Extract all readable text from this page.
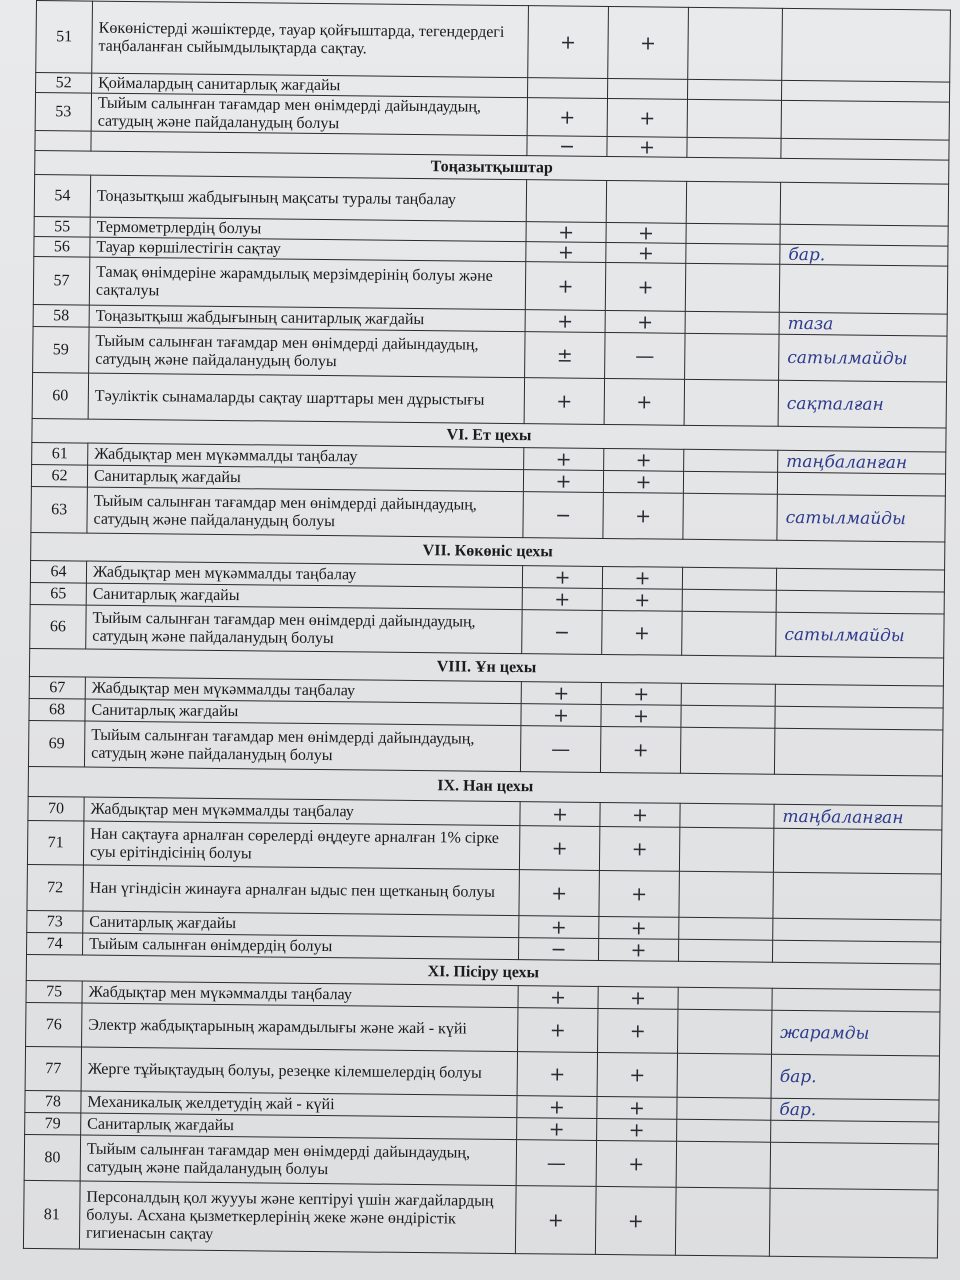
51	Көкөністерді жәшіктерде, тауар қойғыштарда, тегендердегі таңбаланған сыйымдылықтарда сақтау.	+	+		
52	Қоймалардың санитарлық жағдайы				
53	Тыйым салынған тағамдар мен өнімдерді дайындаудың, сатудың және пайдаланудың болуы	+	+		
		−	+		
Тоңазытқыштар					
54	Тоңазытқыш жабдығының мақсаты туралы таңбалау				
55	Термометрлердің болуы	+	+		
56	Тауар көршілестігін сақтау	+	+		бар.
57	Тамақ өнімдеріне жарамдылық мерзімдерінің болуы және сақталуы	+	+		
58	Тоңазытқыш жабдығының санитарлық жағдайы	+	+		таза
59	Тыйым салынған тағамдар мен өнімдерді дайындаудың, сатудың және пайдаланудың болуы	±	—		сатылмайды
60	Тәуліктік сынамаларды сақтау шарттары мен дұрыстығы	+	+		сақталған
VI. Ет цехы					
61	Жабдықтар мен мүкәммалды таңбалау	+	+		таңбаланған
62	Санитарлық жағдайы	+	+		
63	Тыйым салынған тағамдар мен өнімдерді дайындаудың, сатудың және пайдаланудың болуы	−	+		сатылмайды
VII. Көкөніс цехы					
64	Жабдықтар мен мүкәммалды таңбалау	+	+		
65	Санитарлық жағдайы	+	+		
66	Тыйым салынған тағамдар мен өнімдерді дайындаудың, сатудың және пайдаланудың болуы	−	+		сатылмайды
VIII. Ұн цехы					
67	Жабдықтар мен мүкәммалды таңбалау	+	+		
68	Санитарлық жағдайы	+	+		
69	Тыйым салынған тағамдар мен өнімдерді дайындаудың, сатудың және пайдаланудың болуы	—	+		
IX. Нан цехы					
70	Жабдықтар мен мүкәммалды таңбалау	+	+		таңбаланған
71	Нан сақтауға арналған сөрелерді өңдеуге арналған 1% сірке суы ерітіндісінің болуы	+	+		
72	Нан үгіндісін жинауға арналған ыдыс пен щетканың болуы	+	+		
73	Санитарлық жағдайы	+	+		
74	Тыйым салынған өнімдердің болуы	−	+		
XI. Пісіру цехы					
75	Жабдықтар мен мүкәммалды таңбалау	+	+		
76	Электр жабдықтарының жарамдылығы және жай - күйі	+	+		жарамды
77	Жерге тұйықтаудың болуы, резеңке кілемшелердің болуы	+	+		бар.
78	Механикалық желдетудің жай - күйі	+	+		бар.
79	Санитарлық жағдайы	+	+		
80	Тыйым салынған тағамдар мен өнімдерді дайындаудың, сатудың және пайдаланудың болуы	—	+		
81	Персоналдың қол жуууы және кептіруі үшін жағдайлардың болуы. Асхана қызметкерлерінің жеке және өндірістік гигиенасын сақтау	+	+		
